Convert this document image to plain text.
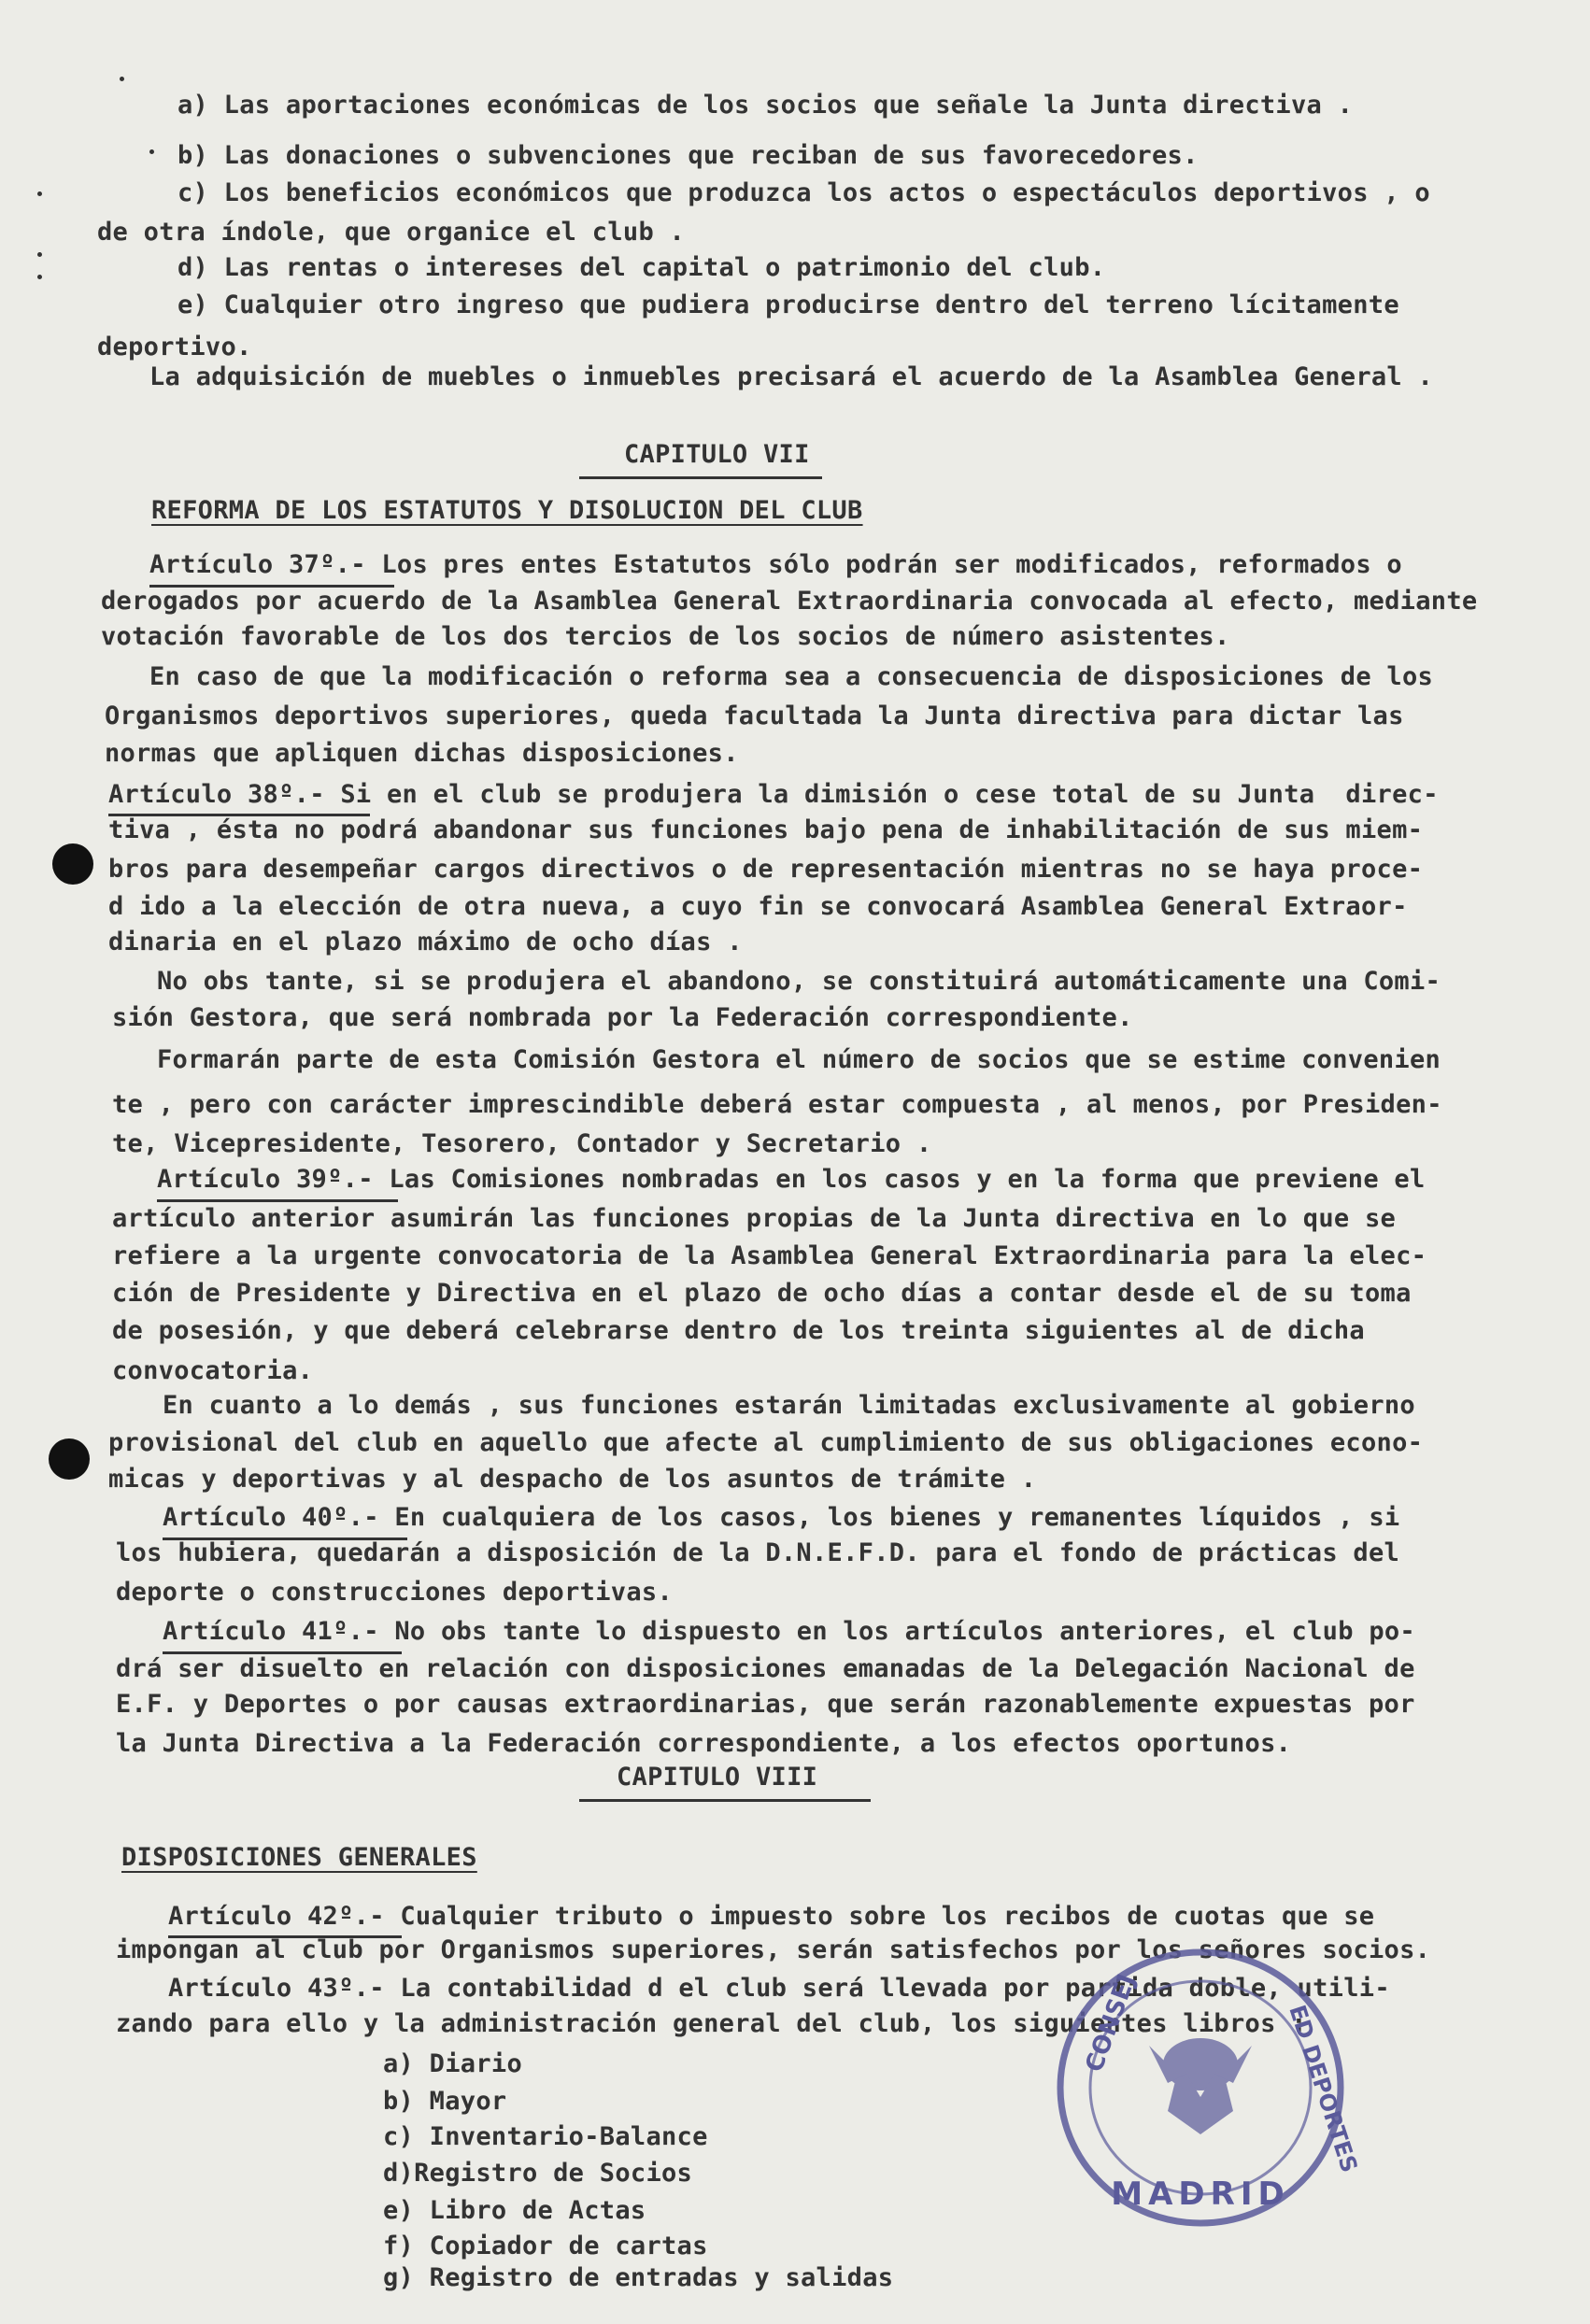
a) Las aportaciones económicas de los socios que señale la Junta directiva .
b) Las donaciones o subvenciones que reciban de sus favorecedores.
c) Los beneficios económicos que produzca los actos o espectáculos deportivos , o
de otra índole, que organice el club .
d) Las rentas o intereses del capital o patrimonio del club.
e) Cualquier otro ingreso que pudiera producirse dentro del terreno lícitamente
deportivo.
La adquisición de muebles o inmuebles precisará el acuerdo de la Asamblea General .
CAPITULO VII
REFORMA DE LOS ESTATUTOS Y DISOLUCION DEL CLUB
Artículo 37º.- Los pres entes Estatutos sólo podrán ser modificados, reformados o
derogados por acuerdo de la Asamblea General Extraordinaria convocada al efecto, mediante
votación favorable de los dos tercios de los socios de número asistentes.
En caso de que la modificación o reforma sea a consecuencia de disposiciones de los
Organismos deportivos superiores, queda facultada la Junta directiva para dictar las
normas que apliquen dichas disposiciones.
Artículo 38º.- Si en el club se produjera la dimisión o cese total de su Junta  direc-
tiva , ésta no podrá abandonar sus funciones bajo pena de inhabilitación de sus miem-
bros para desempeñar cargos directivos o de representación mientras no se haya proce-
d ido a la elección de otra nueva, a cuyo fin se convocará Asamblea General Extraor-
dinaria en el plazo máximo de ocho días .
No obs tante, si se produjera el abandono, se constituirá automáticamente una Comi-
sión Gestora, que será nombrada por la Federación correspondiente.
Formarán parte de esta Comisión Gestora el número de socios que se estime convenien
te , pero con carácter imprescindible deberá estar compuesta , al menos, por Presiden-
te, Vicepresidente, Tesorero, Contador y Secretario .
Artículo 39º.- Las Comisiones nombradas en los casos y en la forma que previene el
artículo anterior asumirán las funciones propias de la Junta directiva en lo que se
refiere a la urgente convocatoria de la Asamblea General Extraordinaria para la elec-
ción de Presidente y Directiva en el plazo de ocho días a contar desde el de su toma
de posesión, y que deberá celebrarse dentro de los treinta siguientes al de dicha
convocatoria.
En cuanto a lo demás , sus funciones estarán limitadas exclusivamente al gobierno
provisional del club en aquello que afecte al cumplimiento de sus obligaciones econo-
micas y deportivas y al despacho de los asuntos de trámite .
Artículo 40º.- En cualquiera de los casos, los bienes y remanentes líquidos , si
los hubiera, quedarán a disposición de la D.N.E.F.D. para el fondo de prácticas del
deporte o construcciones deportivas.
Artículo 41º.- No obs tante lo dispuesto en los artículos anteriores, el club po-
drá ser disuelto en relación con disposiciones emanadas de la Delegación Nacional de
E.F. y Deportes o por causas extraordinarias, que serán razonablemente expuestas por
la Junta Directiva a la Federación correspondiente, a los efectos oportunos.
CAPITULO VIII
DISPOSICIONES GENERALES
Artículo 42º.- Cualquier tributo o impuesto sobre los recibos de cuotas que se
impongan al club por Organismos superiores, serán satisfechos por los señores socios.
Artículo 43º.- La contabilidad d el club será llevada por partida doble, utili-
zando para ello y la administración general del club, los siguientes libros :
a) Diario
b) Mayor
c) Inventario-Balance
d)Registro de Socios
e) Libro de Actas
f) Copiador de cartas
g) Registro de entradas y salidas
MADRID
CONSEJ	ED DEPORTES
